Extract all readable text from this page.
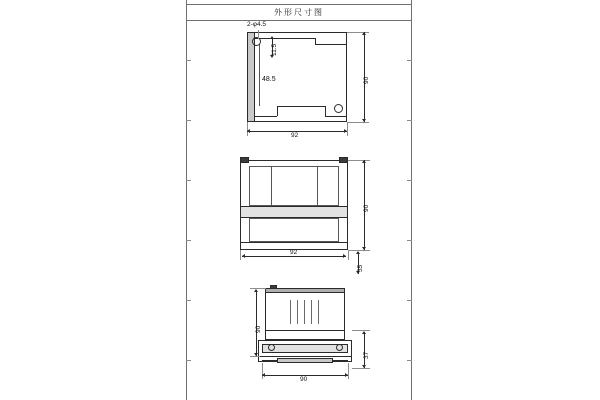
外形尺寸图
2-φ4.5
11.5
48.5	90
92
90
92
35
90
37
90
